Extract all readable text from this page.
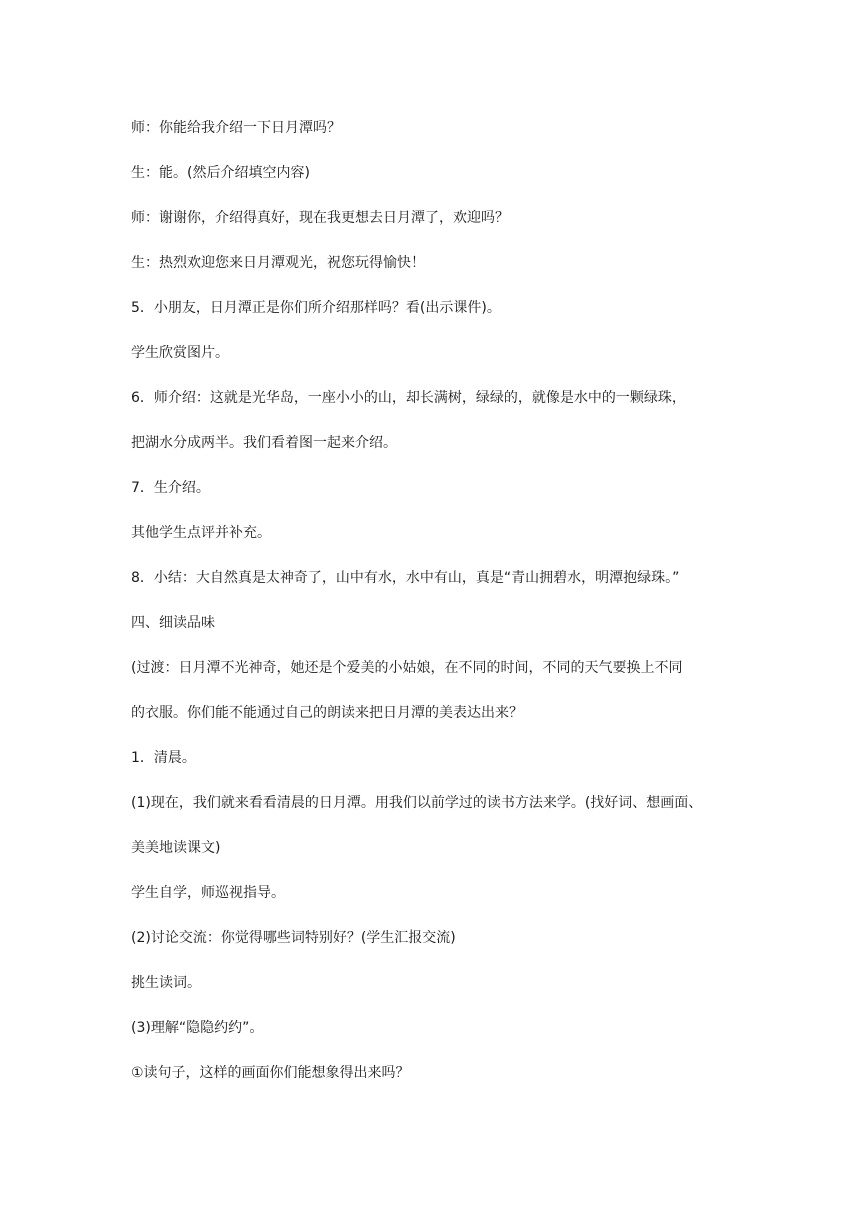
师：你能给我介绍一下日月潭吗？

生：能。(然后介绍填空内容)

师：谢谢你，介绍得真好，现在我更想去日月潭了，欢迎吗？

生：热烈欢迎您来日月潭观光，祝您玩得愉快！

5．小朋友，日月潭正是你们所介绍那样吗？看(出示课件)。

学生欣赏图片。

6．师介绍：这就是光华岛，一座小小的山，却长满树，绿绿的，就像是水中的一颗绿珠，

把湖水分成两半。我们看着图一起来介绍。

7．生介绍。

其他学生点评并补充。

8．小结：大自然真是太神奇了，山中有水，水中有山，真是“青山拥碧水，明潭抱绿珠。”

四、细读品味

(过渡：日月潭不光神奇，她还是个爱美的小姑娘，在不同的时间，不同的天气要换上不同

的衣服。你们能不能通过自己的朗读来把日月潭的美表达出来？

1．清晨。

(1)现在，我们就来看看清晨的日月潭。用我们以前学过的读书方法来学。(找好词、想画面、

美美地读课文)

学生自学，师巡视指导。

(2)讨论交流：你觉得哪些词特别好？(学生汇报交流)

挑生读词。

(3)理解“隐隐约约”。

①读句子，这样的画面你们能想象得出来吗？
